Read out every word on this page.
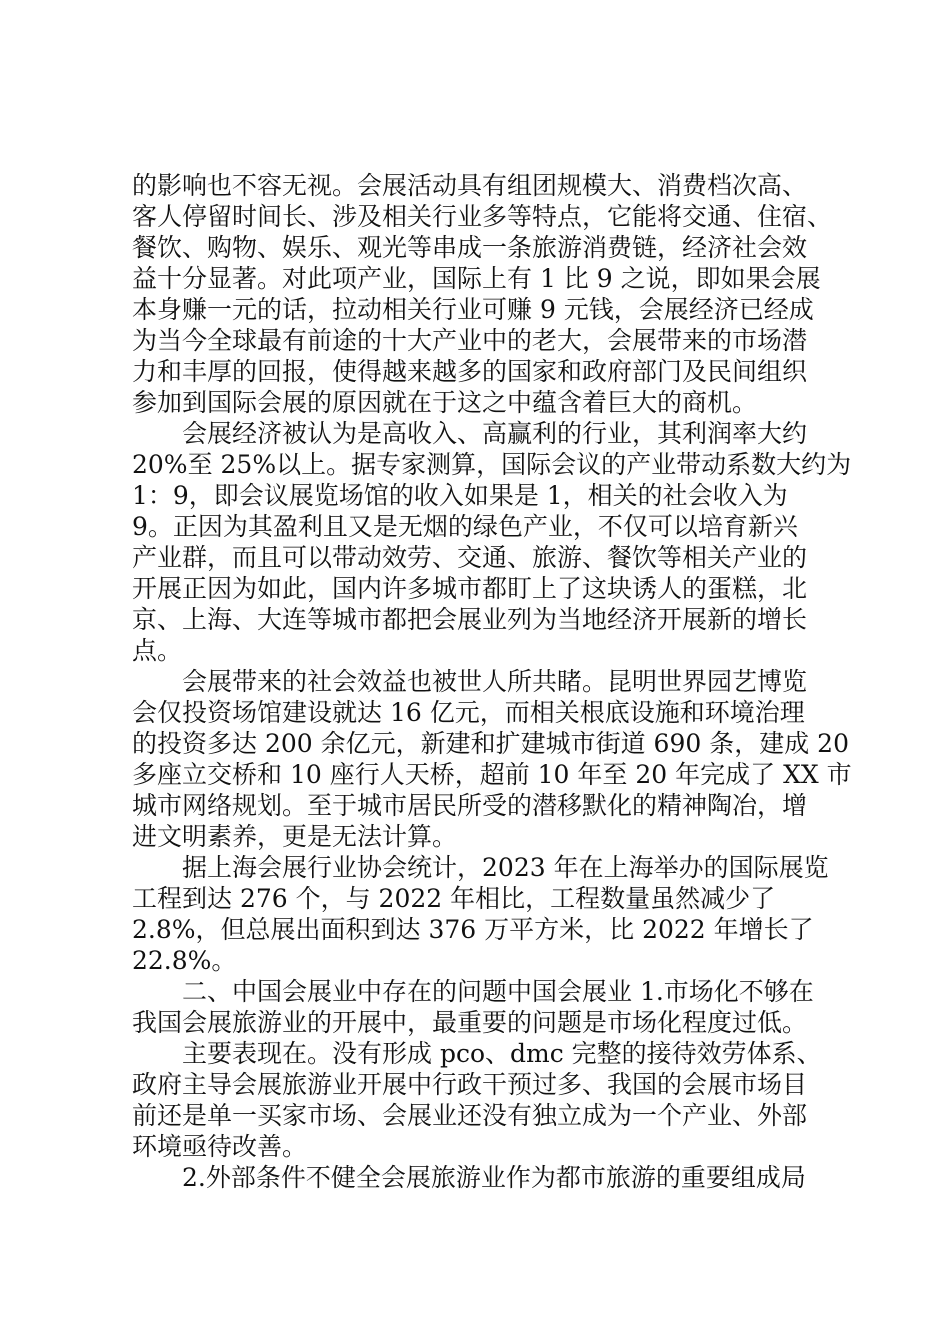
的影响也不容无视。会展活动具有组团规模大、消费档次高、
客人停留时间长、涉及相关行业多等特点，它能将交通、住宿、
餐饮、购物、娱乐、观光等串成一条旅游消费链，经济社会效
益十分显著。对此项产业，国际上有 1 比 9 之说，即如果会展
本身赚一元的话，拉动相关行业可赚 9 元钱，会展经济已经成
为当今全球最有前途的十大产业中的老大，会展带来的市场潜
力和丰厚的回报，使得越来越多的国家和政府部门及民间组织
参加到国际会展的原因就在于这之中蕴含着巨大的商机。
会展经济被认为是高收入、高赢利的行业，其利润率大约
20%至 25%以上。据专家测算，国际会议的产业带动系数大约为
1：9，即会议展览场馆的收入如果是 1，相关的社会收入为
9。正因为其盈利且又是无烟的绿色产业，不仅可以培育新兴
产业群，而且可以带动效劳、交通、旅游、餐饮等相关产业的
开展正因为如此，国内许多城市都盯上了这块诱人的蛋糕，北
京、上海、大连等城市都把会展业列为当地经济开展新的增长
点。
会展带来的社会效益也被世人所共睹。昆明世界园艺博览
会仅投资场馆建设就达 16 亿元，而相关根底设施和环境治理
的投资多达 200 余亿元，新建和扩建城市街道 690 条，建成 20
多座立交桥和 10 座行人天桥，超前 10 年至 20 年完成了 XX 市
城市网络规划。至于城市居民所受的潜移默化的精神陶冶，增
进文明素养，更是无法计算。
据上海会展行业协会统计，2023 年在上海举办的国际展览
工程到达 276 个，与 2022 年相比，工程数量虽然减少了
2.8%，但总展出面积到达 376 万平方米，比 2022 年增长了
22.8%。
二、中国会展业中存在的问题中国会展业 1.市场化不够在
我国会展旅游业的开展中，最重要的问题是市场化程度过低。
主要表现在。没有形成 pco、dmc 完整的接待效劳体系、
政府主导会展旅游业开展中行政干预过多、我国的会展市场目
前还是单一买家市场、会展业还没有独立成为一个产业、外部
环境亟待改善。
2.外部条件不健全会展旅游业作为都市旅游的重要组成局
